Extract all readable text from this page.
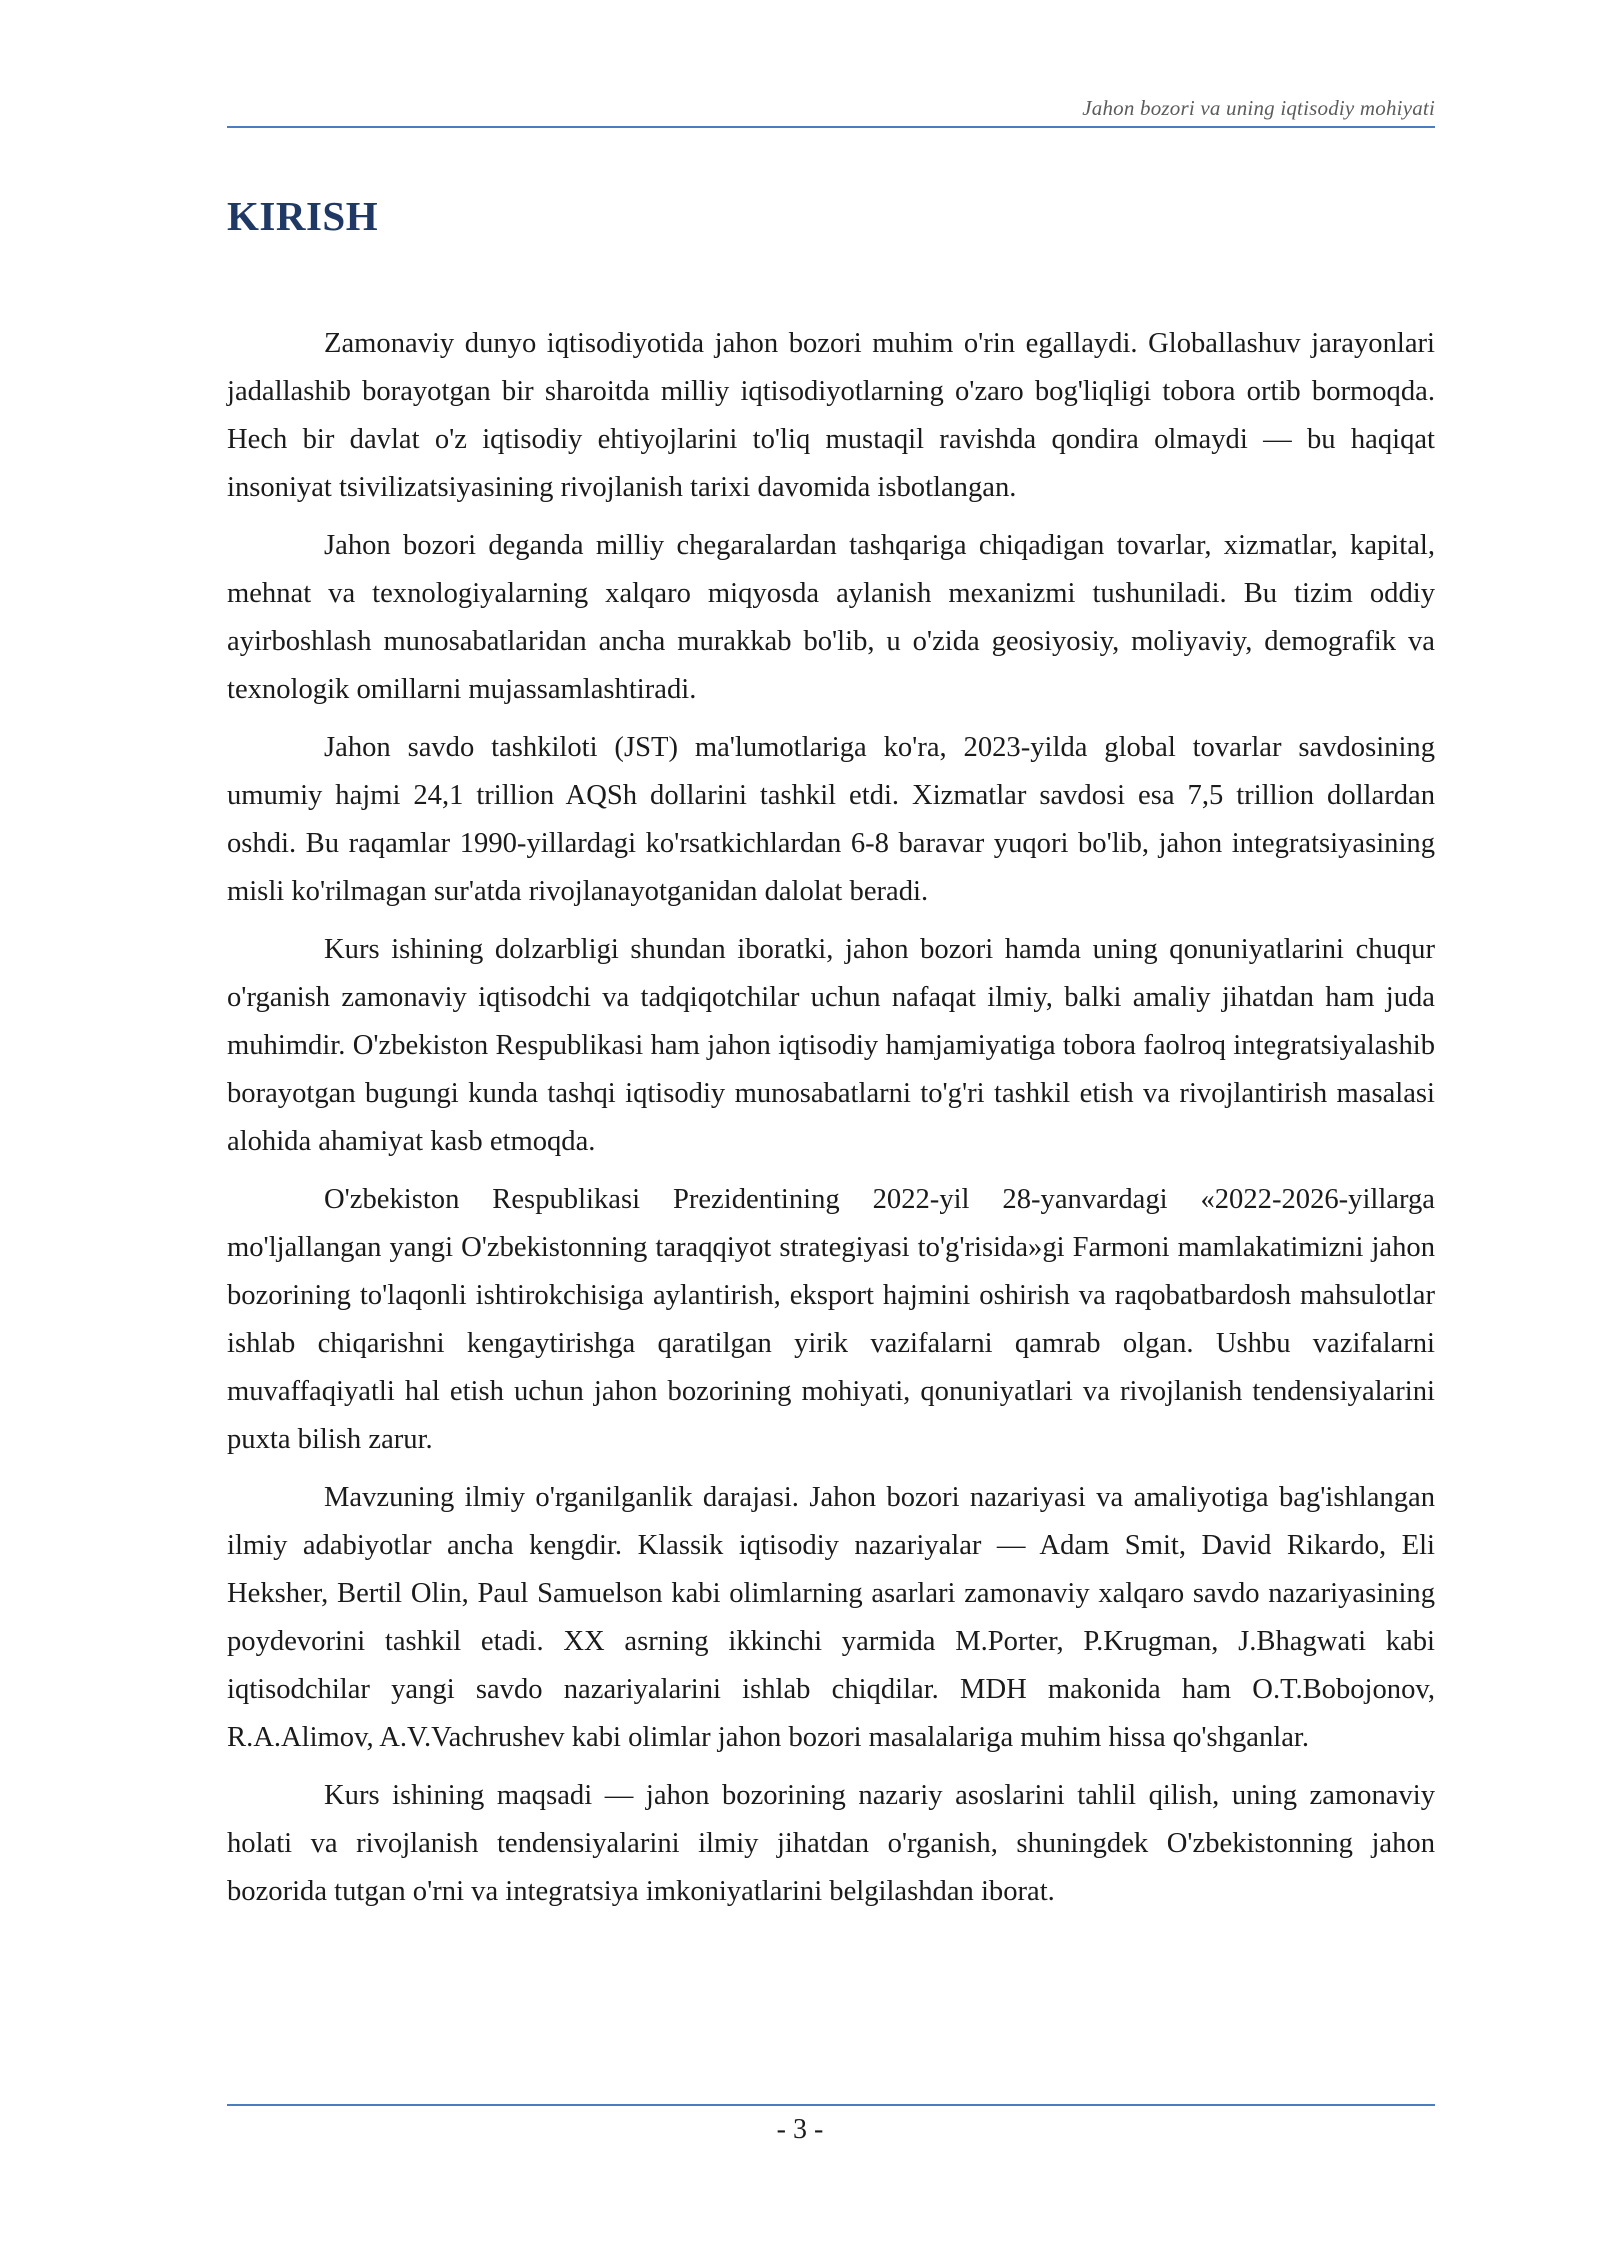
Jahon bozori va uning iqtisodiy mohiyati
KIRISH

Zamonaviy dunyo iqtisodiyotida jahon bozori muhim o'rin egallaydi. Globallashuv jarayonlari jadallashib borayotgan bir sharoitda milliy iqtisodiyotlarning o'zaro bog'liqligi tobora ortib bormoqda. Hech bir davlat o'z iqtisodiy ehtiyojlarini to'liq mustaqil ravishda qondira olmaydi — bu haqiqat insoniyat tsivilizatsiyasining rivojlanish tarixi davomida isbotlangan.

Jahon bozori deganda milliy chegaralardan tashqariga chiqadigan tovarlar, xizmatlar, kapital, mehnat va texnologiyalarning xalqaro miqyosda aylanish mexanizmi tushuniladi. Bu tizim oddiy ayirboshlash munosabatlaridan ancha murakkab bo'lib, u o'zida geosiyosiy, moliyaviy, demografik va texnologik omillarni mujassamlashtiradi.

Jahon savdo tashkiloti (JST) ma'lumotlariga ko'ra, 2023-yilda global tovarlar savdosining umumiy hajmi 24,1 trillion AQSh dollarini tashkil etdi. Xizmatlar savdosi esa 7,5 trillion dollardan oshdi. Bu raqamlar 1990-yillardagi ko'rsatkichlardan 6-8 baravar yuqori bo'lib, jahon integratsiyasining misli ko'rilmagan sur'atda rivojlanayotganidan dalolat beradi.

Kurs ishining dolzarbligi shundan iboratki, jahon bozori hamda uning qonuniyatlarini chuqur o'rganish zamonaviy iqtisodchi va tadqiqotchilar uchun nafaqat ilmiy, balki amaliy jihatdan ham juda muhimdir. O'zbekiston Respublikasi ham jahon iqtisodiy hamjamiyatiga tobora faolroq integratsiyalashib borayotgan bugungi kunda tashqi iqtisodiy munosabatlarni to'g'ri tashkil etish va rivojlantirish masalasi alohida ahamiyat kasb etmoqda.

O'zbekiston Respublikasi Prezidentining 2022-yil 28-yanvardagi «2022-2026-yillarga mo'ljallangan yangi O'zbekistonning taraqqiyot strategiyasi to'g'risida»gi Farmoni mamlakatimizni jahon bozorining to'laqonli ishtirokchisiga aylantirish, eksport hajmini oshirish va raqobatbardosh mahsulotlar ishlab chiqarishni kengaytirishga qaratilgan yirik vazifalarni qamrab olgan. Ushbu vazifalarni muvaffaqiyatli hal etish uchun jahon bozorining mohiyati, qonuniyatlari va rivojlanish tendensiyalarini puxta bilish zarur.

Mavzuning ilmiy o'rganilganlik darajasi. Jahon bozori nazariyasi va amaliyotiga bag'ishlangan ilmiy adabiyotlar ancha kengdir. Klassik iqtisodiy nazariyalar — Adam Smit, David Rikardo, Eli Heksher, Bertil Olin, Paul Samuelson kabi olimlarning asarlari zamonaviy xalqaro savdo nazariyasining poydevorini tashkil etadi. XX asrning ikkinchi yarmida M.Porter, P.Krugman, J.Bhagwati kabi iqtisodchilar yangi savdo nazariyalarini ishlab chiqdilar. MDH makonida ham O.T.Bobojonov, R.A.Alimov, A.V.Vachrushev kabi olimlar jahon bozori masalalariga muhim hissa qo'shganlar.

Kurs ishining maqsadi — jahon bozorining nazariy asoslarini tahlil qilish, uning zamonaviy holati va rivojlanish tendensiyalarini ilmiy jihatdan o'rganish, shuningdek O'zbekistonning jahon bozorida tutgan o'rni va integratsiya imkoniyatlarini belgilashdan iborat.

- 3 -
